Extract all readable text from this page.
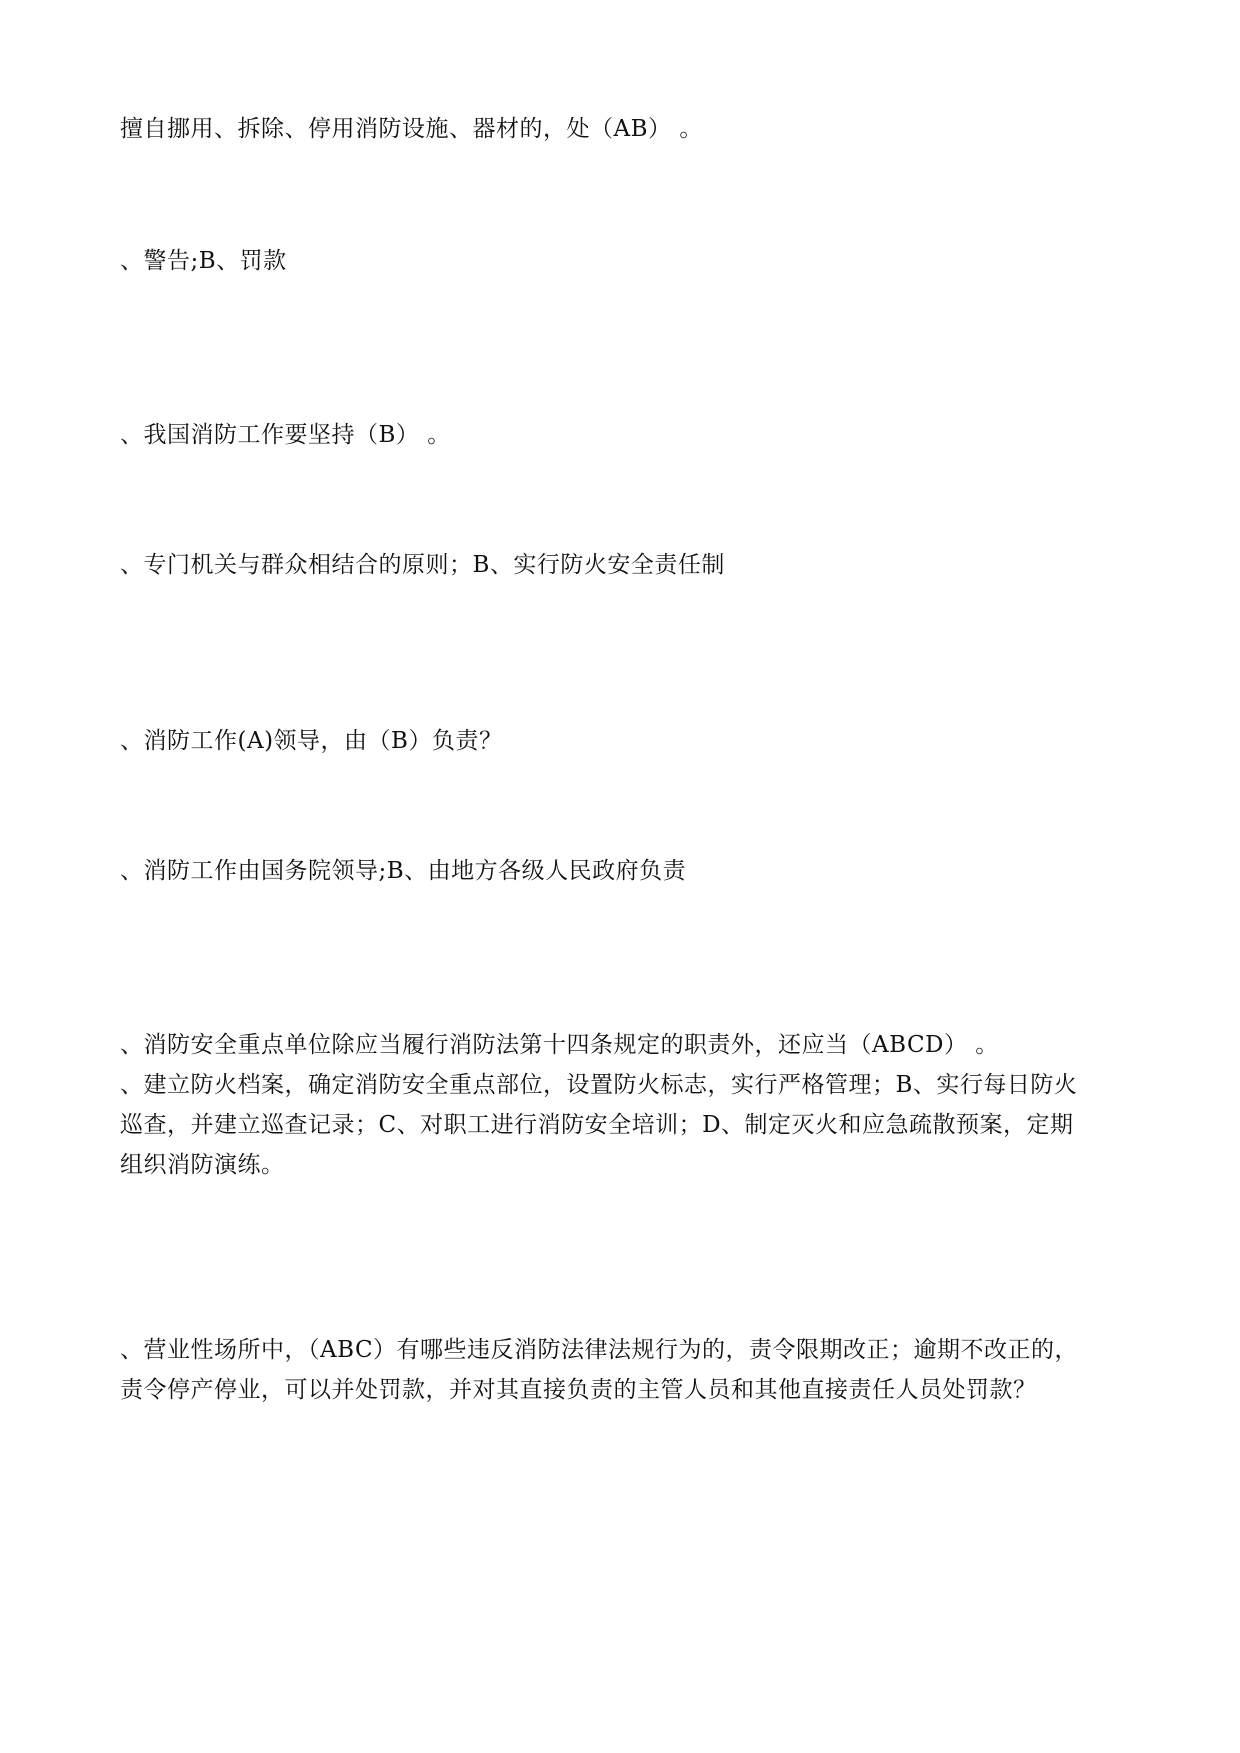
擅自挪用、拆除、停用消防设施、器材的，处（AB） 。
、警告;B、罚款
、我国消防工作要坚持（B） 。
、专门机关与群众相结合的原则；B、实行防火安全责任制
、消防工作(A)领导，由（B）负责？
、消防工作由国务院领导;B、由地方各级人民政府负责
、消防安全重点单位除应当履行消防法第十四条规定的职责外，还应当（ABCD） 。
、建立防火档案，确定消防安全重点部位，设置防火标志，实行严格管理；B、实行每日防火
巡查，并建立巡查记录；C、对职工进行消防安全培训；D、制定灭火和应急疏散预案，定期
组织消防演练。
、营业性场所中，（ABC）有哪些违反消防法律法规行为的，责令限期改正；逾期不改正的，
责令停产停业，可以并处罚款，并对其直接负责的主管人员和其他直接责任人员处罚款？
